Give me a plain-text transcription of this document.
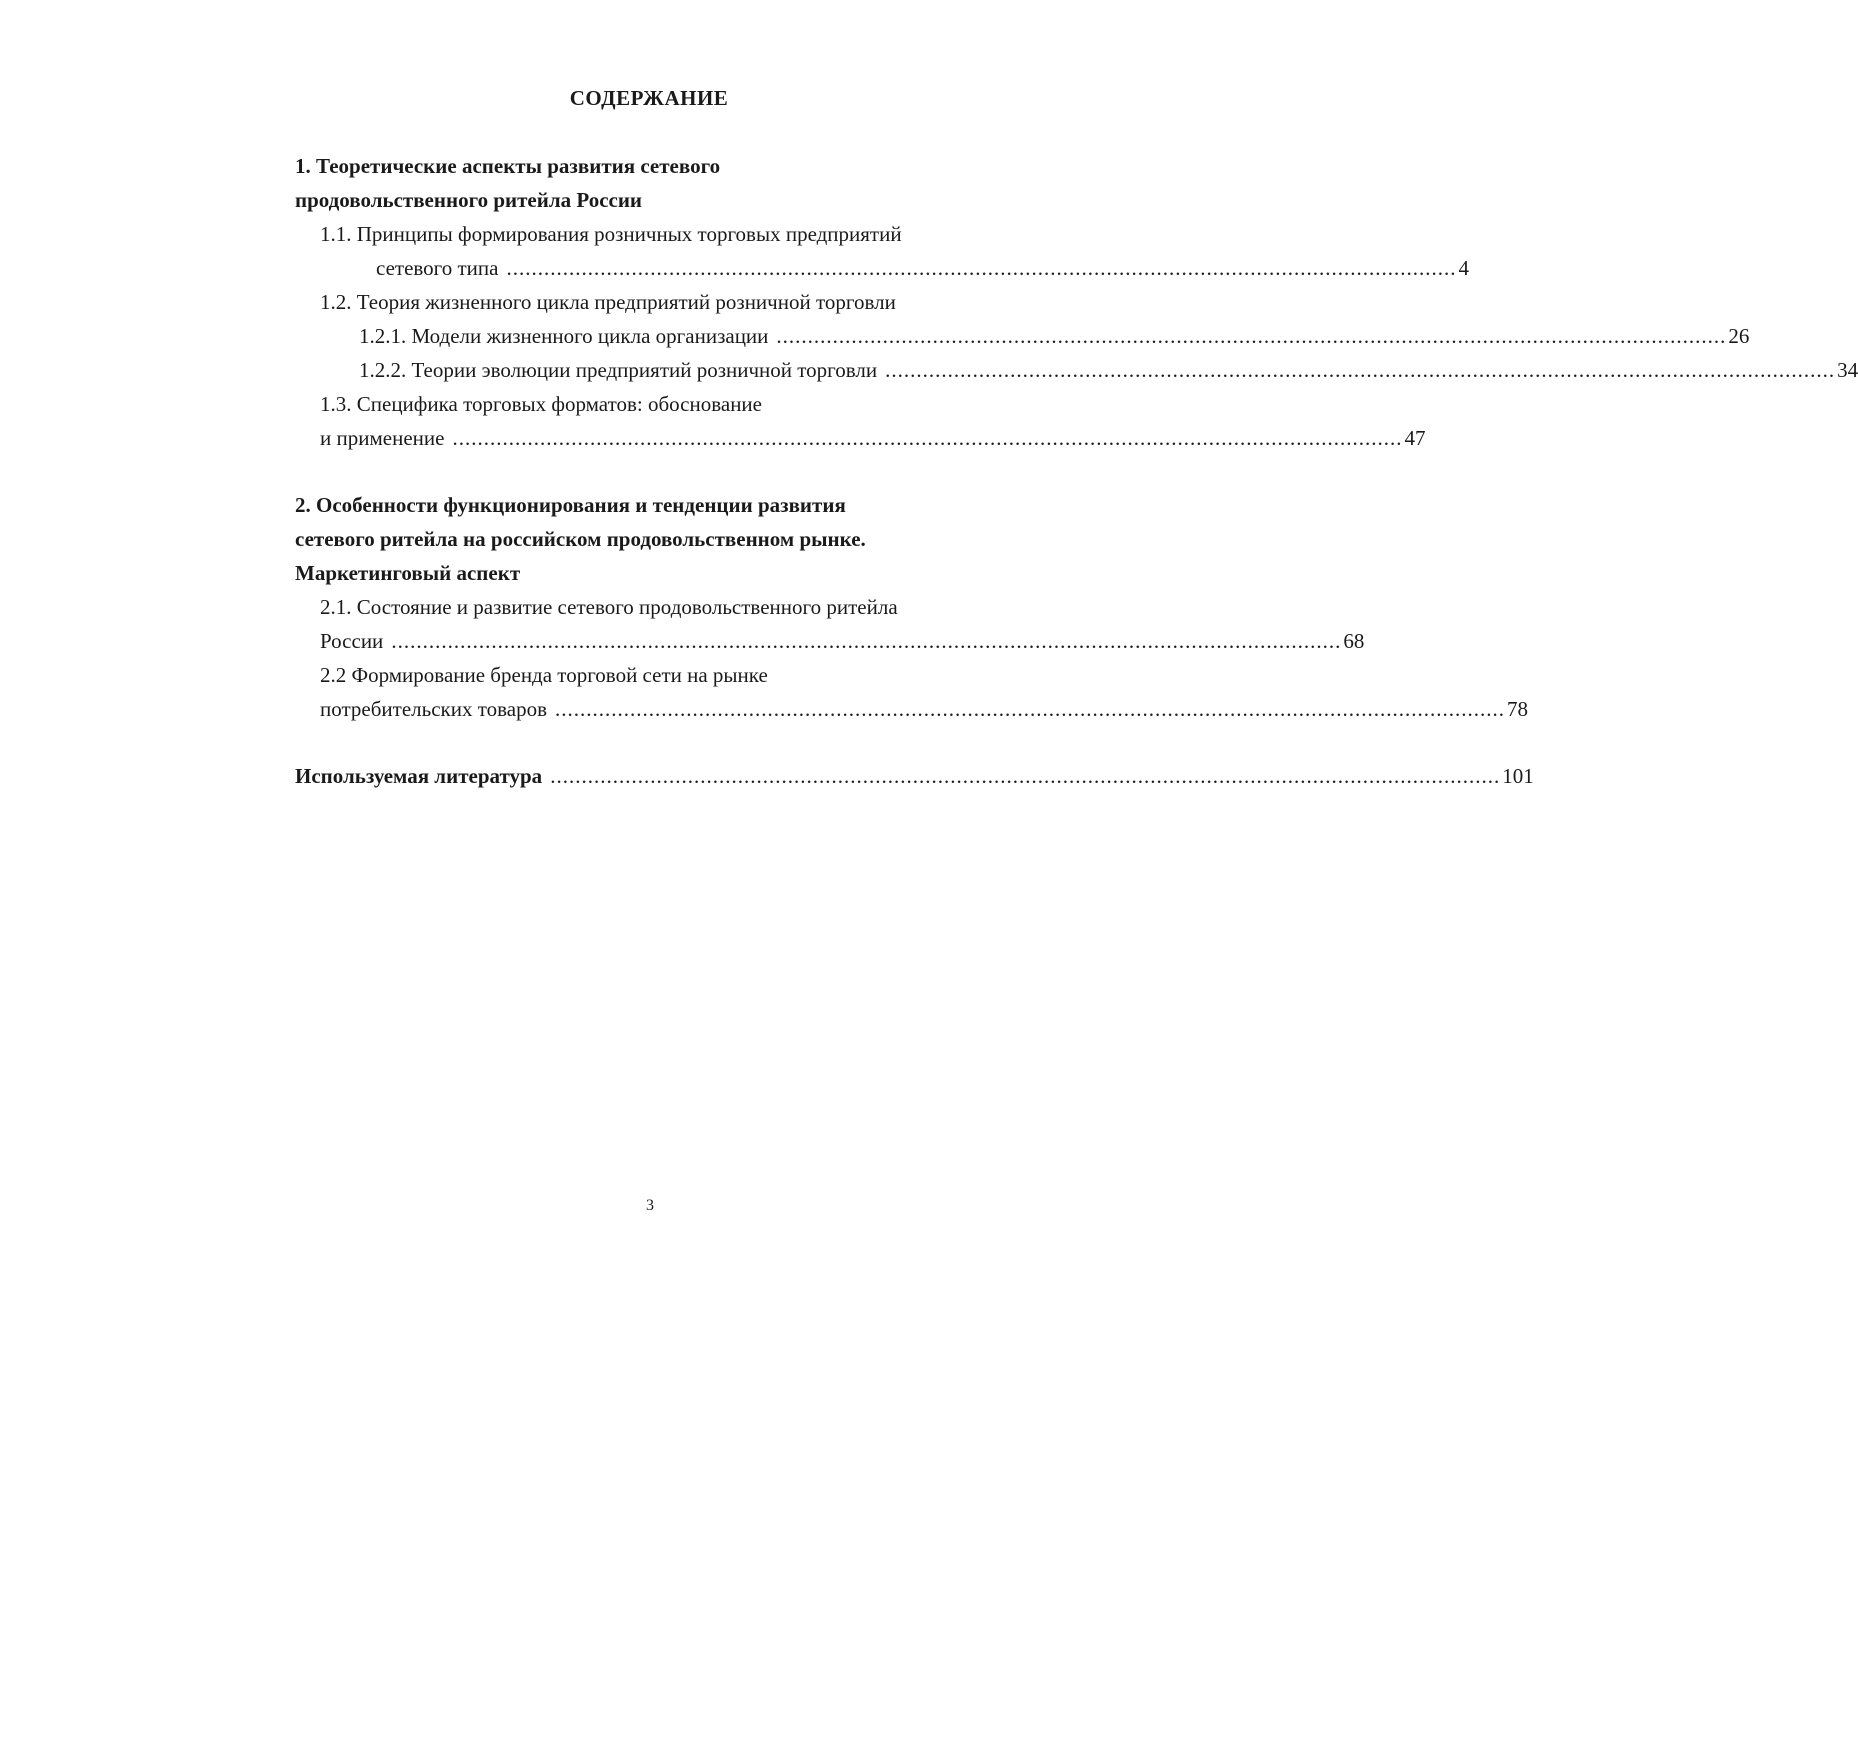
СОДЕРЖАНИЕ
1. Теоретические аспекты развития сетевого
продовольственного ритейла России
1.1. Принципы формирования розничных торговых предприятий
сетевого типа ........................................................................................................................................................ 4
1.2. Теория жизненного цикла предприятий розничной торговли
1.2.1. Модели жизненного цикла организации ........................................................................................................................................................ 26
1.2.2. Теории эволюции предприятий розничной торговли ........................................................................................................................................................ 34
1.3. Специфика торговых форматов: обоснование
и применение ........................................................................................................................................................ 47
2. Особенности функционирования и тенденции развития
сетевого ритейла на российском продовольственном рынке.
Маркетинговый аспект
2.1. Состояние и развитие сетевого продовольственного ритейла
России ........................................................................................................................................................ 68
2.2 Формирование бренда торговой сети на рынке
потребительских товаров ........................................................................................................................................................ 78
Используемая литература ........................................................................................................................................................ 101
3
